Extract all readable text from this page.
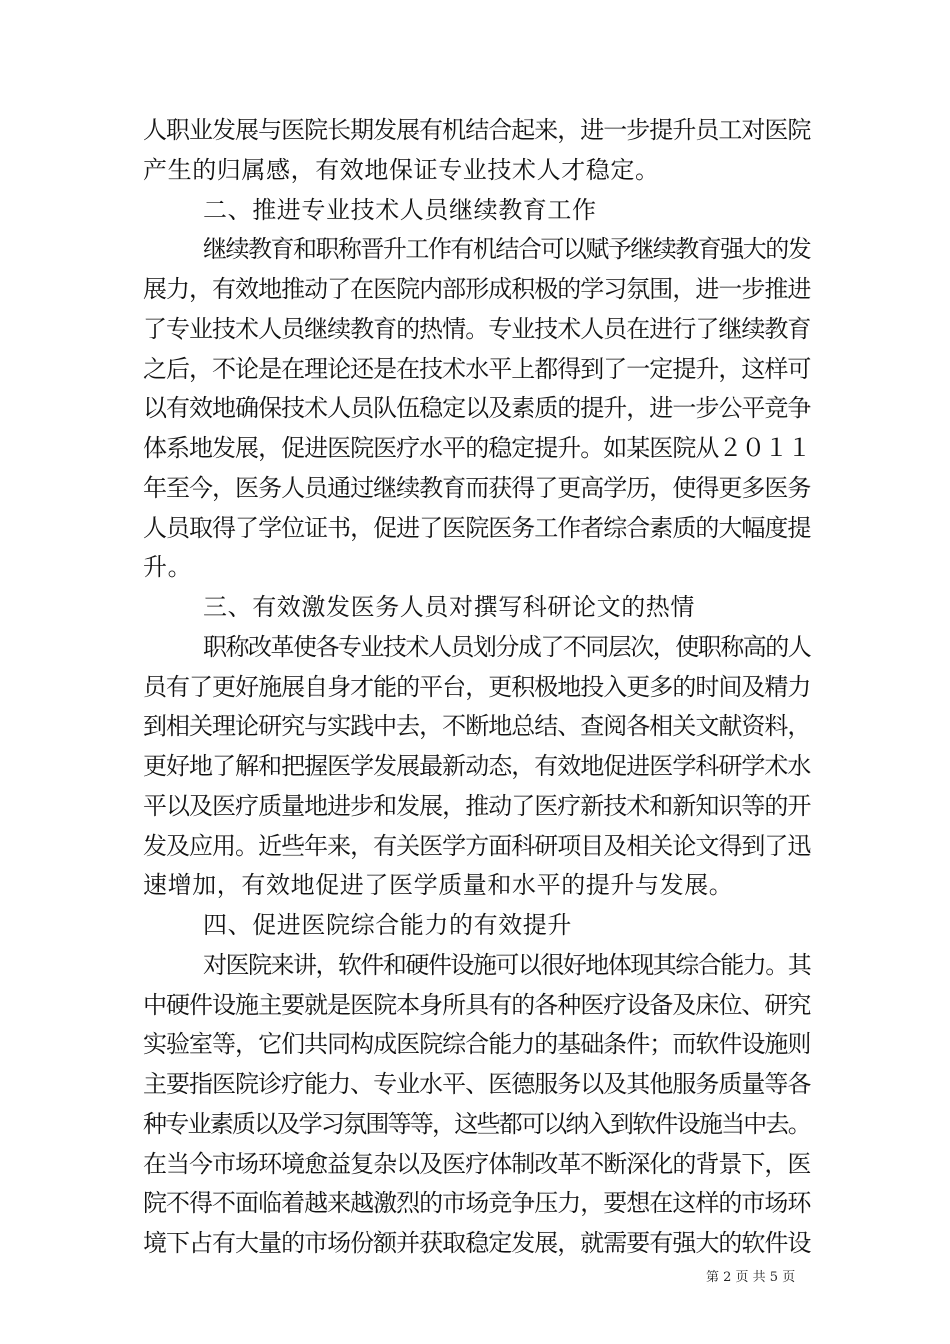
人职业发展与医院长期发展有机结合起来，进一步提升员工对医院
产生的归属感，有效地保证专业技术人才稳定。
二、推进专业技术人员继续教育工作
继续教育和职称晋升工作有机结合可以赋予继续教育强大的发
展力，有效地推动了在医院内部形成积极的学习氛围，进一步推进
了专业技术人员继续教育的热情。专业技术人员在进行了继续教育
之后，不论是在理论还是在技术水平上都得到了一定提升，这样可
以有效地确保技术人员队伍稳定以及素质的提升，进一步公平竞争
体系地发展，促进医院医疗水平的稳定提升。如某医院从２０１１
年至今，医务人员通过继续教育而获得了更高学历，使得更多医务
人员取得了学位证书，促进了医院医务工作者综合素质的大幅度提
升。
三、有效激发医务人员对撰写科研论文的热情
职称改革使各专业技术人员划分成了不同层次，使职称高的人
员有了更好施展自身才能的平台，更积极地投入更多的时间及精力
到相关理论研究与实践中去，不断地总结、查阅各相关文献资料，
更好地了解和把握医学发展最新动态，有效地促进医学科研学术水
平以及医疗质量地进步和发展，推动了医疗新技术和新知识等的开
发及应用。近些年来，有关医学方面科研项目及相关论文得到了迅
速增加，有效地促进了医学质量和水平的提升与发展。
四、促进医院综合能力的有效提升
对医院来讲，软件和硬件设施可以很好地体现其综合能力。其
中硬件设施主要就是医院本身所具有的各种医疗设备及床位、研究
实验室等，它们共同构成医院综合能力的基础条件；而软件设施则
主要指医院诊疗能力、专业水平、医德服务以及其他服务质量等各
种专业素质以及学习氛围等等，这些都可以纳入到软件设施当中去。
在当今市场环境愈益复杂以及医疗体制改革不断深化的背景下，医
院不得不面临着越来越激烈的市场竞争压力，要想在这样的市场环
第 2 页 共 5 页
境下占有大量的市场份额并获取稳定发展，就需要有强大的软件设
